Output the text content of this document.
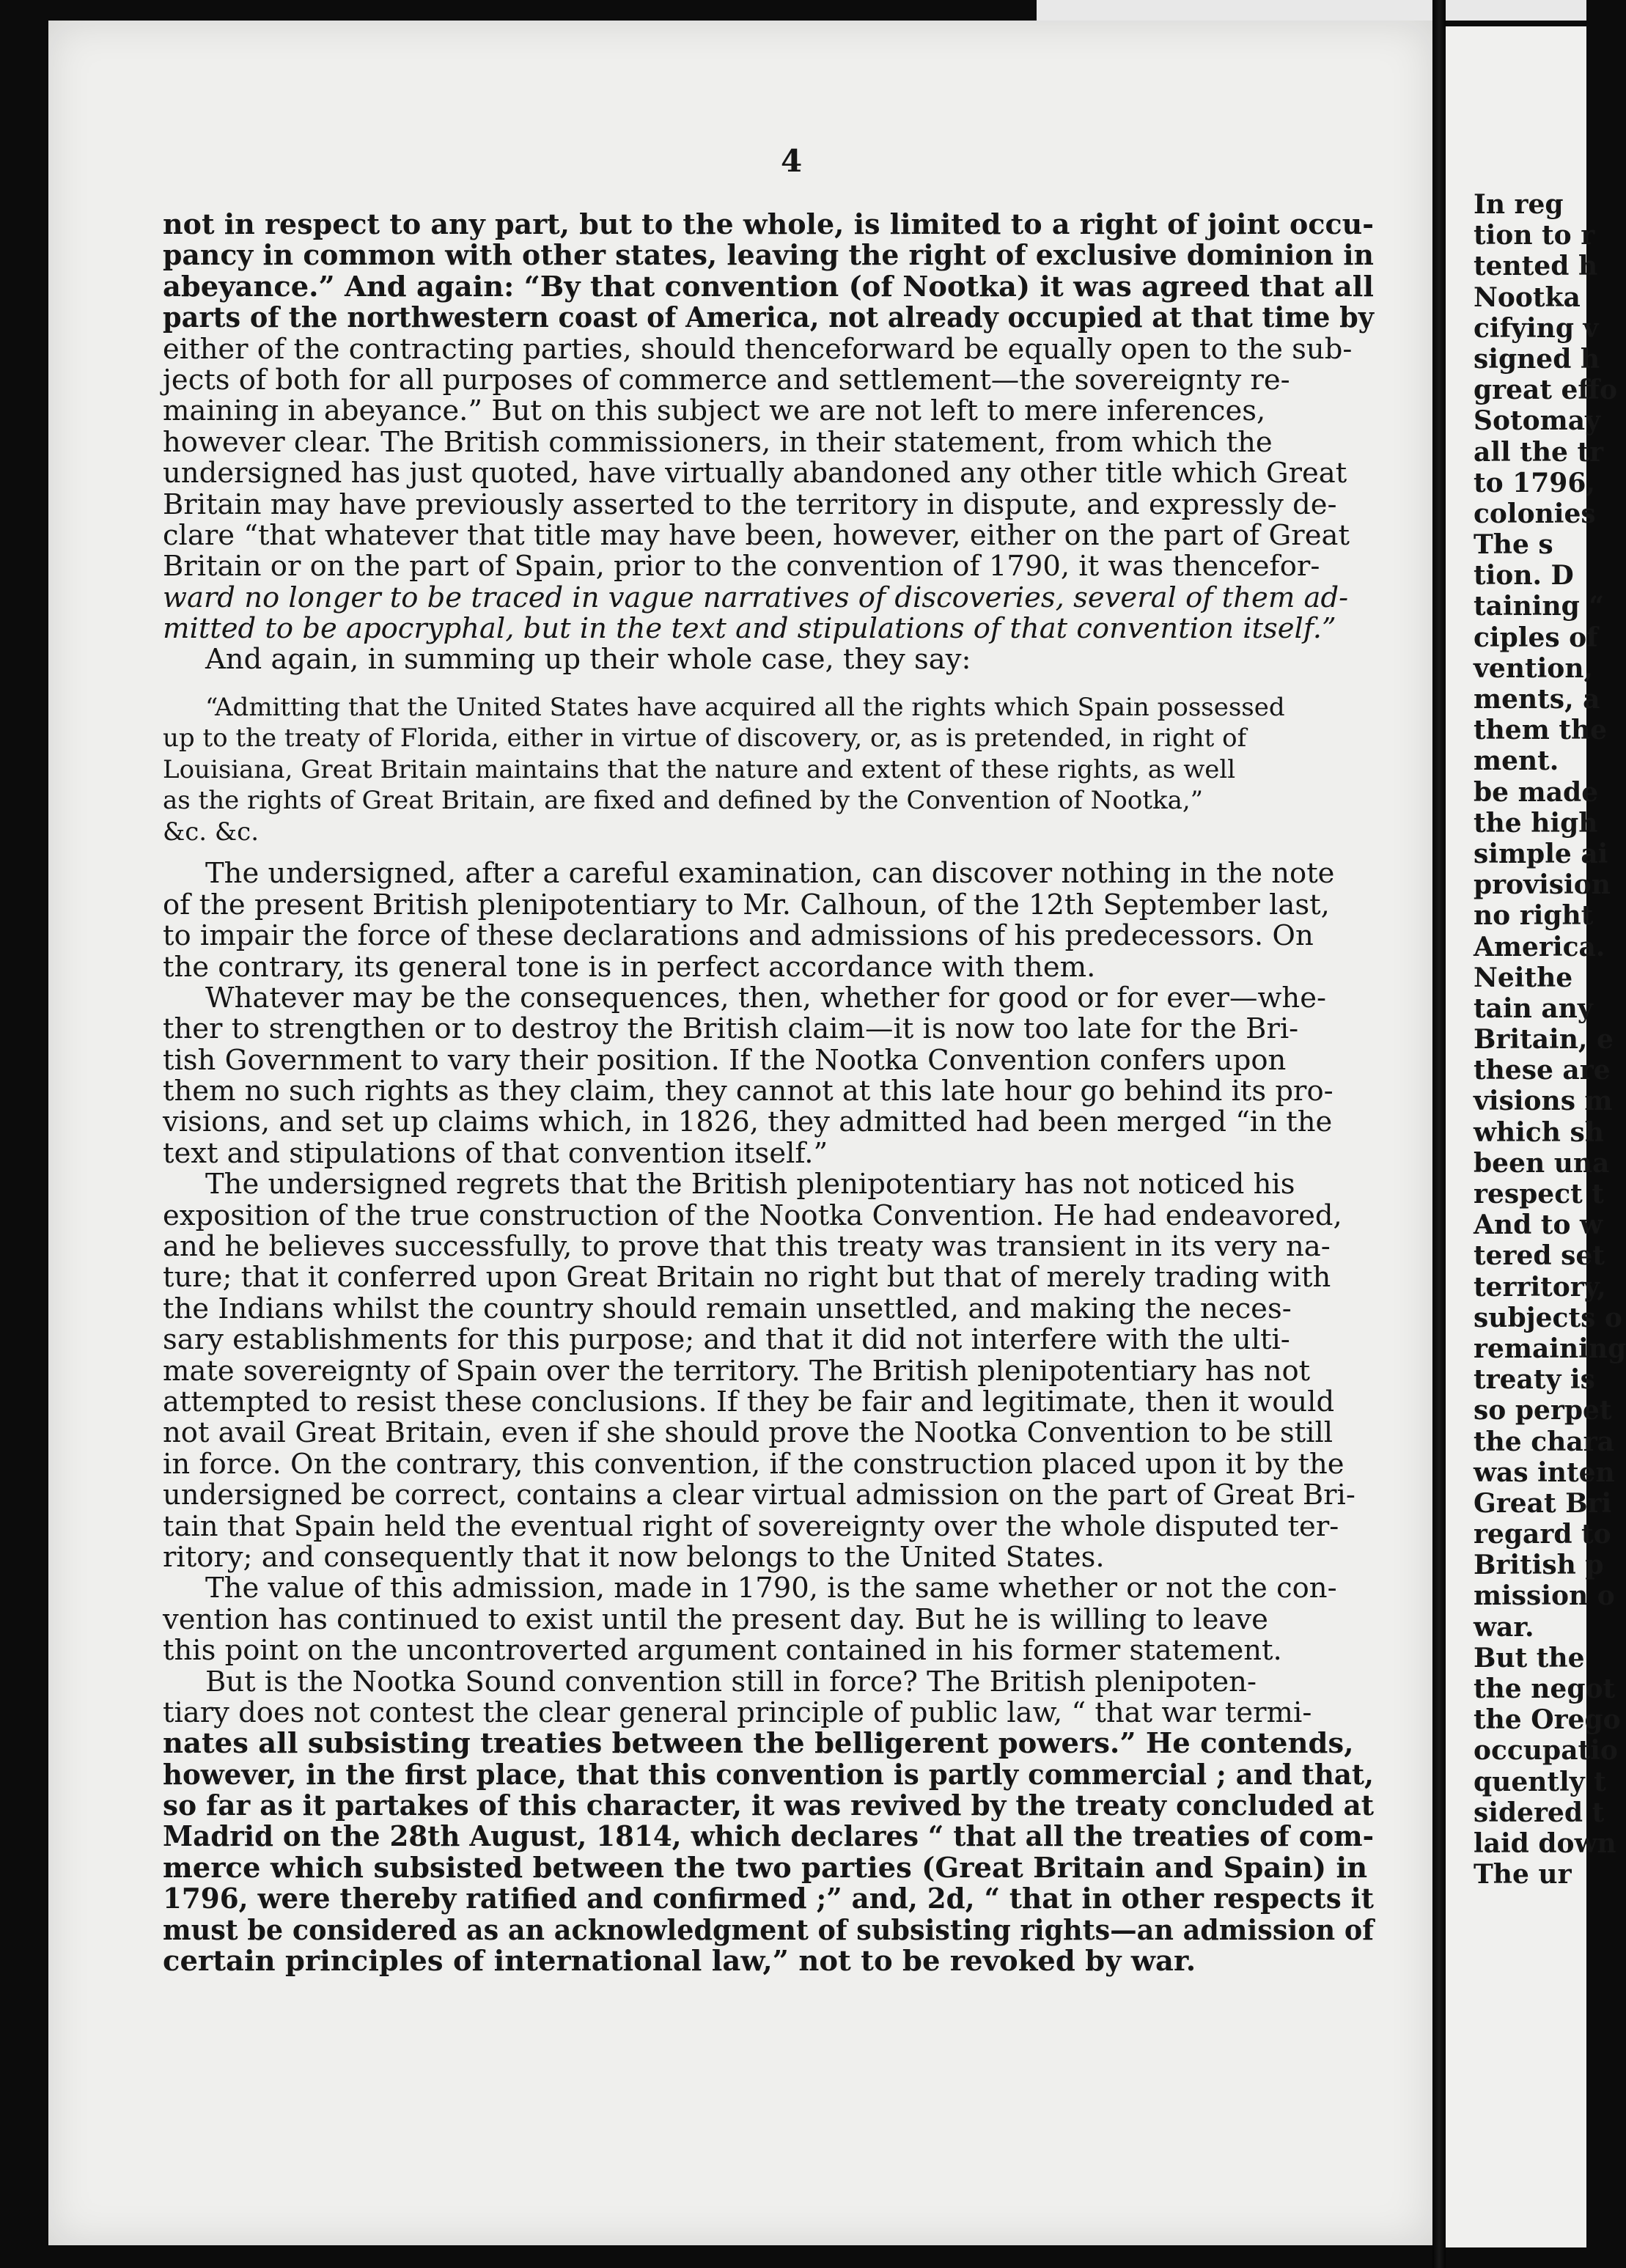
4
not in respect to any part, but to the whole, is limited to a right of joint occu-
pancy in common with other states, leaving the right of exclusive dominion in
abeyance.” And again: “By that convention (of Nootka) it was agreed that all
parts of the northwestern coast of America, not already occupied at that time by
either of the contracting parties, should thenceforward be equally open to the sub-
jects of both for all purposes of commerce and settlement—the sovereignty re-
maining in abeyance.” But on this subject we are not left to mere inferences,
however clear. The British commissioners, in their statement, from which the
undersigned has just quoted, have virtually abandoned any other title which Great
Britain may have previously asserted to the territory in dispute, and expressly de-
clare “that whatever that title may have been, however, either on the part of Great
Britain or on the part of Spain, prior to the convention of 1790, it was thencefor-
ward no longer to be traced in vague narratives of discoveries, several of them ad-
mitted to be apocryphal, but in the text and stipulations of that convention itself.”
And again, in summing up their whole case, they say:
“Admitting that the United States have acquired all the rights which Spain possessed
up to the treaty of Florida, either in virtue of discovery, or, as is pretended, in right of
Louisiana, Great Britain maintains that the nature and extent of these rights, as well
as the rights of Great Britain, are fixed and defined by the Convention of Nootka,”
&c. &c.
The undersigned, after a careful examination, can discover nothing in the note
of the present British plenipotentiary to Mr. Calhoun, of the 12th September last,
to impair the force of these declarations and admissions of his predecessors. On
the contrary, its general tone is in perfect accordance with them.
Whatever may be the consequences, then, whether for good or for ever—whe-
ther to strengthen or to destroy the British claim—it is now too late for the Bri-
tish Government to vary their position. If the Nootka Convention confers upon
them no such rights as they claim, they cannot at this late hour go behind its pro-
visions, and set up claims which, in 1826, they admitted had been merged “in the
text and stipulations of that convention itself.”
The undersigned regrets that the British plenipotentiary has not noticed his
exposition of the true construction of the Nootka Convention. He had endeavored,
and he believes successfully, to prove that this treaty was transient in its very na-
ture; that it conferred upon Great Britain no right but that of merely trading with
the Indians whilst the country should remain unsettled, and making the neces-
sary establishments for this purpose; and that it did not interfere with the ulti-
mate sovereignty of Spain over the territory. The British plenipotentiary has not
attempted to resist these conclusions. If they be fair and legitimate, then it would
not avail Great Britain, even if she should prove the Nootka Convention to be still
in force. On the contrary, this convention, if the construction placed upon it by the
undersigned be correct, contains a clear virtual admission on the part of Great Bri-
tain that Spain held the eventual right of sovereignty over the whole disputed ter-
ritory; and consequently that it now belongs to the United States.
The value of this admission, made in 1790, is the same whether or not the con-
vention has continued to exist until the present day. But he is willing to leave
this point on the uncontroverted argument contained in his former statement.
But is the Nootka Sound convention still in force? The British plenipoten-
tiary does not contest the clear general principle of public law, “ that war termi-
nates all subsisting treaties between the belligerent powers.” He contends,
however, in the first place, that this convention is partly commercial ; and that,
so far as it partakes of this character, it was revived by the treaty concluded at
Madrid on the 28th August, 1814, which declares “ that all the treaties of com-
merce which subsisted between the two parties (Great Britain and Spain) in
1796, were thereby ratified and confirmed ;” and, 2d, “ that in other respects it
must be considered as an acknowledgment of subsisting rights—an admission of
certain principles of international law,” not to be revoked by war.
In reg
tion to r
tented h
Nootka
cifying v
signed h
great effo
Sotomay
all the tr
to 1796,
colonies
The s
tion. D
taining “
ciples of
vention,
ments, a
them the
ment.
be made
the high
simple ai
provision
no right
America.
Neithe
tain any
Britain, e
these are
visions m
which sh
been una
respect t
And to w
tered set
territory,
subjects o
remaining
treaty is
so perpet
the chara
was inten
Great Bri
regard to
British p
mission o
war.
But the
the negot
the Orego
occupatio
quently t
sidered t
laid down
The ur
